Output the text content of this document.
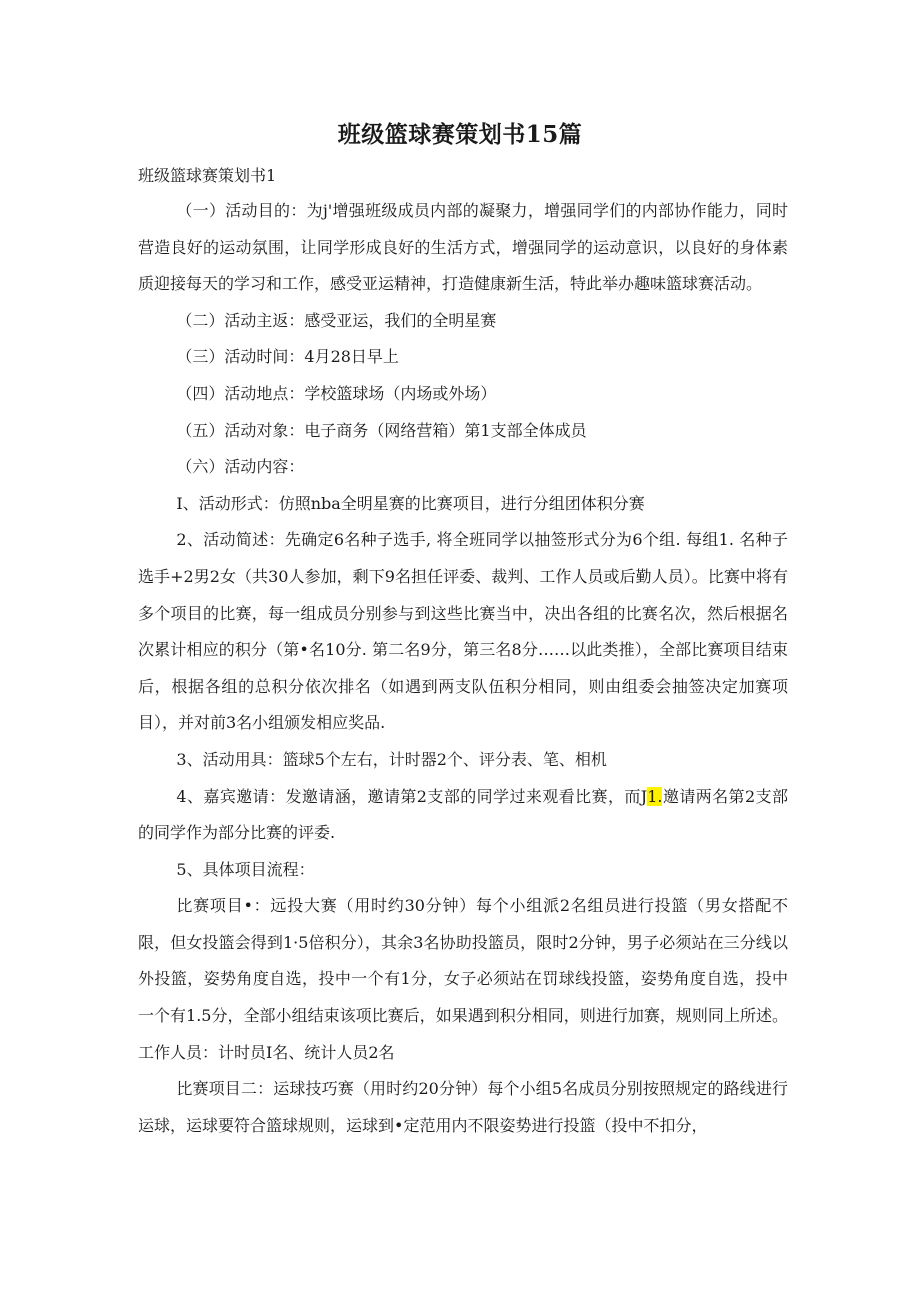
班级篮球赛策划书15篇
班级篮球赛策划书1

（一）活动目的：为j'增强班级成员内部的凝聚力，增强同学们的内部协作能力，同时营造良好的运动氛围，让同学形成良好的生活方式，增强同学的运动意识，以良好的身体素质迎接每天的学习和工作，感受亚运精神，打造健康新生活，特此举办趣味篮球赛活动。

（二）活动主返：感受亚运，我们的全明星赛

（三）活动时间：4月28日早上

（四）活动地点：学校篮球场（内场或外场）

（五）活动对象：电子商务（网络营箱）第1支部全体成员

（六）活动内容：

I、活动形式：仿照nba全明星赛的比赛项目，进行分组团体积分赛

2、活动简述：先确定6名种子选手, 将全班同学以抽签形式分为6个组. 每组1. 名种子选手+2男2女（共30人参加，剩下9名担任评委、裁判、工作人员或后勤人员）。比赛中将有多个项目的比赛，每一组成员分别参与到这些比赛当中，决出各组的比赛名次，然后根据名次累计相应的积分（第•名10分. 第二名9分，第三名8分……以此类推），全部比赛项目结束后，根据各组的总积分依次排名（如遇到两支队伍积分相同，则由组委会抽签决定加赛项目），并对前3名小组颁发相应奖品.

3、活动用具：篮球5个左右，计时器2个、评分表、笔、相机

4、嘉宾邀请：发邀请涵，邀请第2支部的同学过来观看比赛，而J1.邀请两名第2支部的同学作为部分比赛的评委.

5、具体项目流程：

比赛项目•：远投大赛（用时约30分钟）每个小组派2名组员进行投篮（男女搭配不限，但女投篮会得到1·5倍积分），其余3名协助投篮员，限时2分钟，男子必须站在三分线以外投篮，姿势角度自选，投中一个有1分，女子必须站在罚球线投篮，姿势角度自选，投中一个有1.5分，全部小组结束该项比赛后，如果遇到积分相同，则进行加赛，规则同上所述。工作人员：计时员I名、统计人员2名

比赛项目二：运球技巧赛（用时约20分钟）每个小组5名成员分别按照规定的路线进行运球，运球要符合篮球规则，运球到•定范用内不限姿势进行投篮（投中不扣分，
